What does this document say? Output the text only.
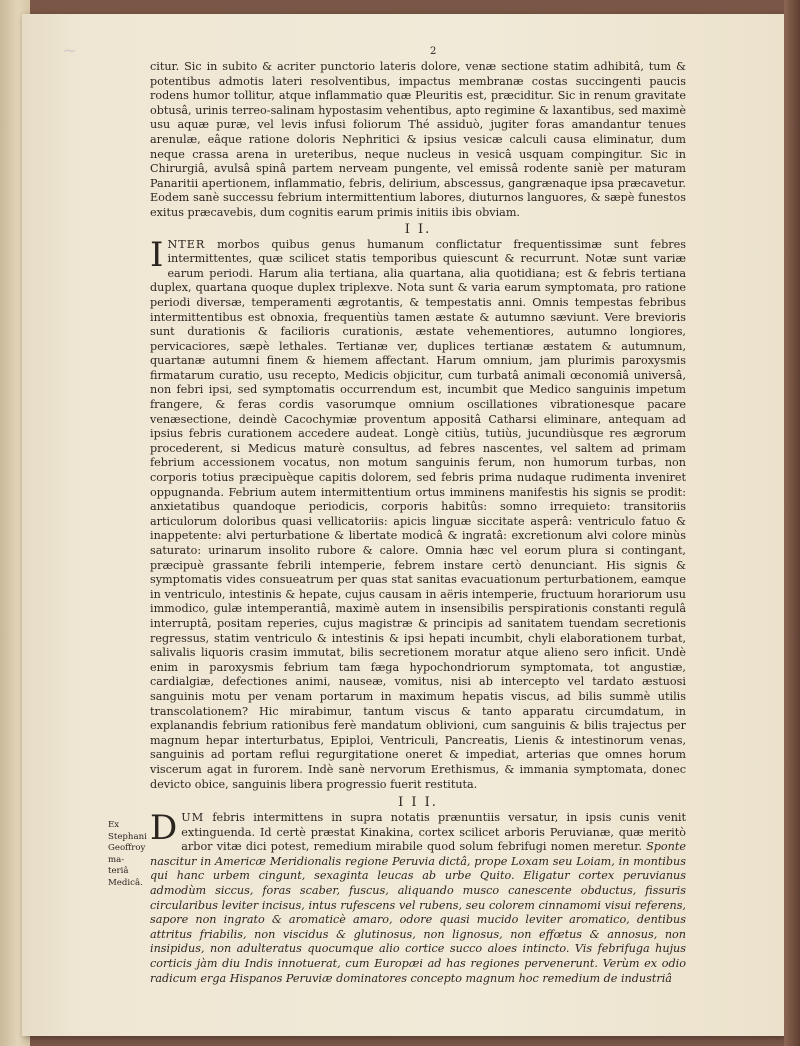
~	2

citur. Sic in subito & acriter punctorio lateris dolore, venæ sectione statim adhibitâ, tum & potentibus admotis lateri resolventibus, impactus membranæ costas succingenti paucis rodens humor tollitur, atque inflammatio quæ Pleuritis est, præciditur. Sic in renum gravitate obtusâ, urinis terreo-salinam hypostasim vehentibus, apto regimine & laxantibus, sed maximè usu aquæ puræ, vel levis infusi foliorum Thé assiduò, jugiter foras amandantur tenues arenulæ, eâque ratione doloris Nephritici & ipsius vesicæ calculi causa eliminatur, dum neque crassa arena in ureteribus, neque nucleus in vesicâ usquam compingitur. Sic in Chirurgiâ, avulsâ spinâ partem nerveam pungente, vel emissâ rodente saniè per maturam Panaritii apertionem, inflammatio, febris, delirium, abscessus, gangrænaque ipsa præcavetur. Eodem sanè successu febrium intermittentium labores, diuturnos languores, & sæpè funestos exitus præcavebis, dum cognitis earum primis initiis ibis obviam.

I I.

INTER morbos quibus genus humanum conflictatur frequentissimæ sunt febres intermittentes, quæ scilicet statis temporibus quiescunt & recurrunt. Notæ sunt variæ earum periodi. Harum alia tertiana, alia quartana, alia quotidiana; est & febris tertiana duplex, quartana quoque duplex triplexve. Nota sunt & varia earum symptomata, pro ratione periodi diversæ, temperamenti ægrotantis, & tempestatis anni. Omnis tempestas febribus intermittentibus est obnoxia, frequentiùs tamen æstate & autumno sæviunt. Vere brevioris sunt durationis & facilioris curationis, æstate vehementiores, autumno longiores, pervicaciores, sæpè lethales. Tertianæ ver, duplices tertianæ æstatem & autumnum, quartanæ autumni finem & hiemem affectant. Harum omnium, jam plurimis paroxysmis firmatarum curatio, usu recepto, Medicis objicitur, cum turbatâ animali œconomiâ universâ, non febri ipsi, sed symptomatis occurrendum est, incumbit que Medico sanguinis impetum frangere, & feras cordis vasorumque omnium oscillationes vibrationesque pacare venæsectione, deindè Cacochymiæ proventum appositâ Catharsi eliminare, antequam ad ipsius febris curationem accedere audeat. Longè citiùs, tutiùs, jucundiùsque res ægrorum procederent, si Medicus maturè consultus, ad febres nascentes, vel saltem ad primam febrium accessionem vocatus, non motum sanguinis ferum, non humorum turbas, non corporis totius præcipuèque capitis dolorem, sed febris prima nudaque rudimenta inveniret oppugnanda. Febrium autem intermittentium ortus imminens manifestis his signis se prodit: anxietatibus quandoque periodicis, corporis habitûs: somno irrequieto: transitoriis articulorum doloribus quasi vellicatoriis: apicis linguæ siccitate asperâ: ventriculo fatuo & inappetente: alvi perturbatione & libertate modicâ & ingratâ: excretionum alvi colore minùs saturato: urinarum insolito rubore & calore. Omnia hæc vel eorum plura si contingant, præcipuè grassante febrili intemperie, febrem instare certò denunciant. His signis & symptomatis vides consueatrum per quas stat sanitas evacuationum perturbationem, eamque in ventriculo, intestinis & hepate, cujus causam in aëris intemperie, fructuum horariorum usu immodico, gulæ intemperantiâ, maximè autem in insensibilis perspirationis constanti regulâ interruptâ, positam reperies, cujus magistræ & principis ad sanitatem tuendam secretionis regressus, statim ventriculo & intestinis & ipsi hepati incumbit, chyli elaborationem turbat, salivalis liquoris crasim immutat, bilis secretionem moratur atque alieno sero inficit. Undè enim in paroxysmis febrium tam fæga hypochondriorum symptomata, tot angustiæ, cardialgiæ, defectiones animi, nauseæ, vomitus, nisi ab intercepto vel tardato æstuosi sanguinis motu per venam portarum in maximum hepatis viscus, ad bilis summè utilis transcolationem? Hic mirabimur, tantum viscus & tanto apparatu circumdatum, in explanandis febrium rationibus ferè mandatum oblivioni, cum sanguinis & bilis trajectus per magnum hepar interturbatus, Epiploi, Ventriculi, Pancreatis, Lienis & intestinorum venas, sanguinis ad portam reflui regurgitatione oneret & impediat, arterias que omnes horum viscerum agat in furorem. Indè sanè nervorum Erethismus, & immania symptomata, donec devicto obice, sanguinis libera progressio fuerit restituta.

I I I.

DUM febris intermittens in supra notatis prænuntiis versatur, in ipsis cunis venit extinguenda. Id certè præstat Kinakina, cortex scilicet arboris Peruvianæ, quæ meritò arbor vitæ dici potest, remedium mirabile quod solum febrifugi nomen meretur. Sponte nascitur in Americæ Meridionalis regione Peruvia dictâ, prope Loxam seu Loiam, in montibus qui hanc urbem cingunt, sexaginta leucas ab urbe Quito. Eligatur cortex peruvianus admodùm siccus, foras scaber, fuscus, aliquando musco canescente obductus, fissuris circularibus leviter incisus, intus rufescens vel rubens, seu colorem cinnamomi visui referens, sapore non ingrato & aromaticè amaro, odore quasi mucido leviter aromatico, dentibus attritus friabilis, non viscidus & glutinosus, non lignosus, non effœtus & annosus, non insipidus, non adulteratus quocumque alio cortice succo aloes intincto. Vis febrifuga hujus corticis jàm diu Indis innotuerat, cum Europæi ad has regiones pervenerunt. Verùm ex odio radicum erga Hispanos Peruviæ dominatores concepto magnum hoc remedium de industriâ

Ex Stephani
Geoffroy ma-
teriâ Medicâ.
